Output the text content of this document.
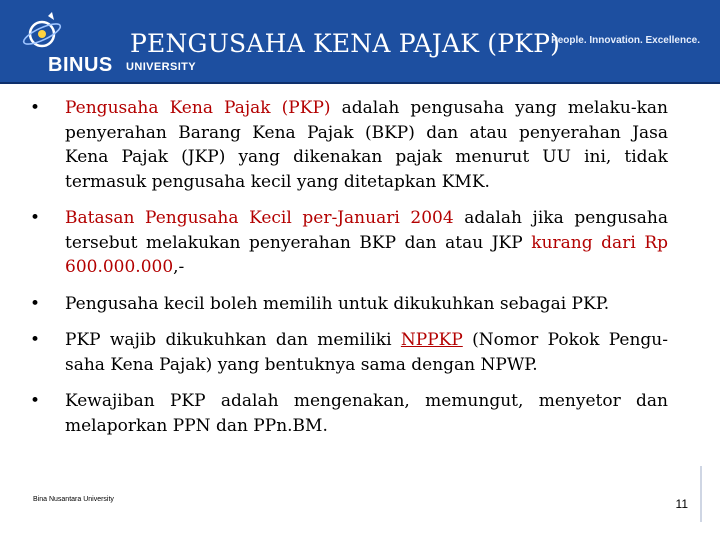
BINUS UNIVERSITY
PENGUSAHA KENA PAJAK (PKP)
People. Innovation. Excellence.
• Pengusaha Kena Pajak (PKP) adalah pengusaha yang melaku-kan penyerahan Barang Kena Pajak (BKP) dan atau penyerahan Jasa Kena Pajak (JKP) yang dikenakan pajak menurut UU ini, tidak termasuk pengusaha kecil yang ditetapkan KMK.
• Batasan Pengusaha Kecil per-Januari 2004 adalah jika pengusaha tersebut melakukan penyerahan BKP dan atau JKP kurang dari Rp 600.000.000,-
• Pengusaha kecil boleh memilih untuk dikukuhkan sebagai PKP.
• PKP wajib dikukuhkan dan memiliki NPPKP (Nomor Pokok Pengu-saha Kena Pajak) yang bentuknya sama dengan NPWP.
• Kewajiban PKP adalah mengenakan, memungut, menyetor dan melaporkan PPN dan PPn.BM.
Bina Nusantara University	11
